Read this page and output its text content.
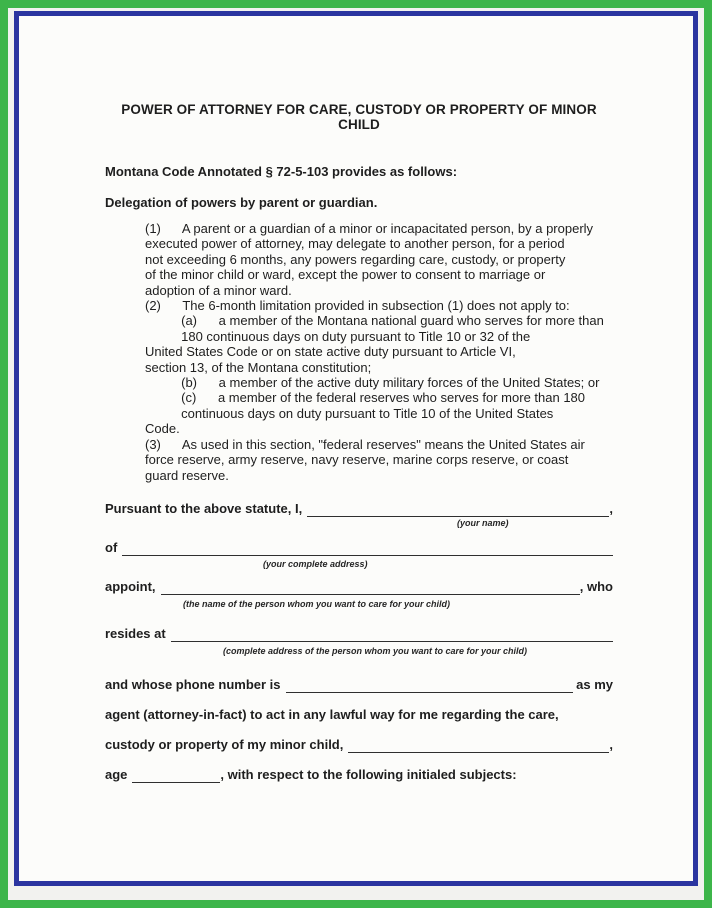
POWER OF ATTORNEY FOR CARE, CUSTODY OR PROPERTY OF MINOR CHILD

Montana Code Annotated § 72-5-103 provides as follows:

Delegation of powers by parent or guardian.

(1)      A parent or a guardian of a minor or incapacitated person, by a properly
executed power of attorney, may delegate to another person, for a period
not exceeding 6 months, any powers regarding care, custody, or property
of the minor child or ward, except the power to consent to marriage or
adoption of a minor ward.
(2)      The 6-month limitation provided in subsection (1) does not apply to:
(a)      a member of the Montana national guard who serves for more than
180 continuous days on duty pursuant to Title 10 or 32 of the
United States Code or on state active duty pursuant to Article VI,
section 13, of the Montana constitution;
(b)      a member of the active duty military forces of the United States; or
(c)      a member of the federal reserves who serves for more than 180
continuous days on duty pursuant to Title 10 of the United States
Code.
(3)      As used in this section, "federal reserves" means the United States air
force reserve, army reserve, navy reserve, marine corps reserve, or coast
guard reserve.
Pursuant to the above statute, I,	,
(your name)
of
(your complete address)
appoint,	, who
(the name of the person whom you want to care for your child)
resides at
(complete address of the person whom you want to care for your child)
and whose phone number is	as my
agent (attorney-in-fact) to act in any lawful way for me regarding the care,
custody or property of my minor child,	,
age	, with respect to the following initialed subjects:
